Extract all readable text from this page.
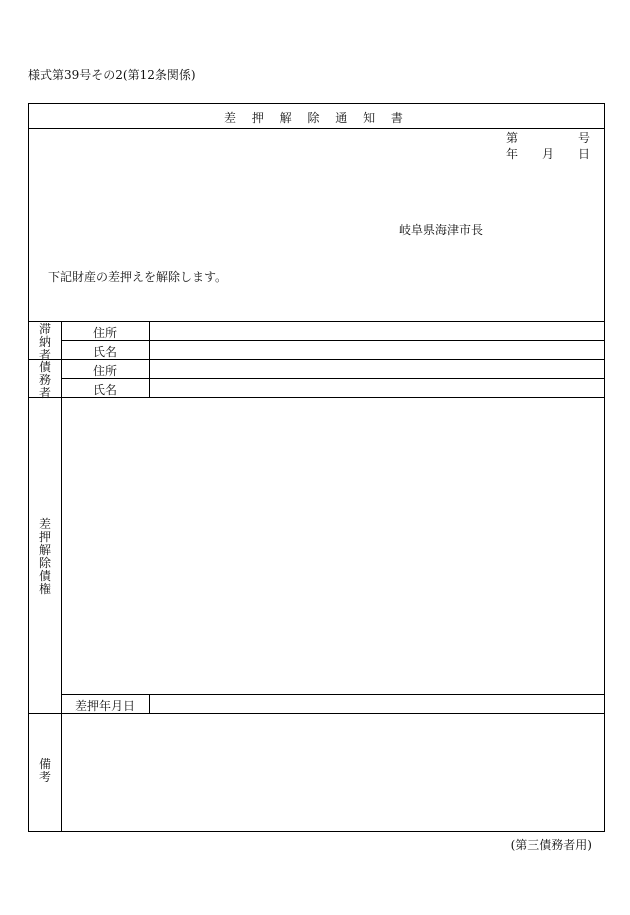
様式第39号その2(第12条関係)
差 押 解 除 通 知 書
第	号
年 月 日
岐阜県海津市長
下記財産の差押えを解除します。
滞
納
者
住所
氏名
債
務
者
住所
氏名
差
押
解
除
債
権
差押年月日
備
考
(第三債務者用)
